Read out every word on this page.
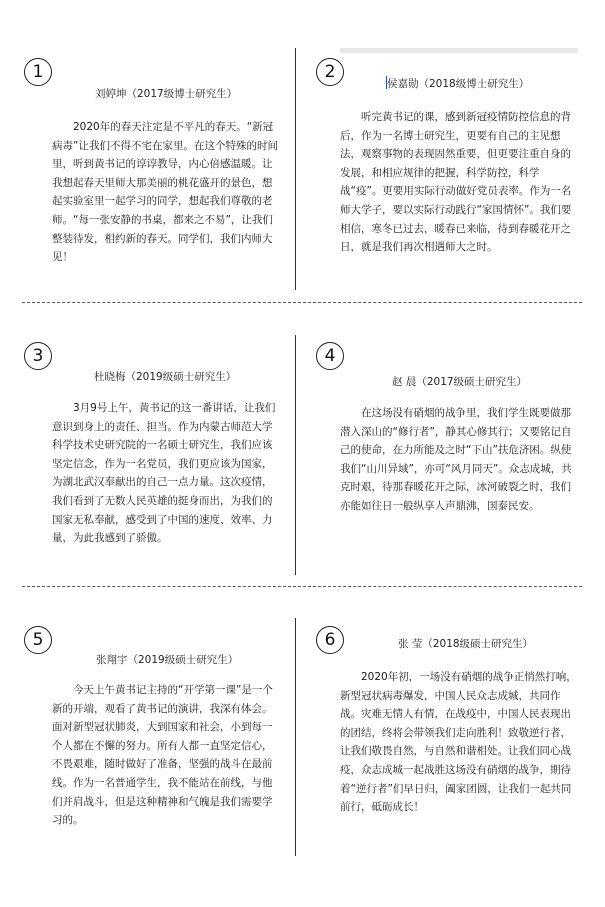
1
刘婷坤（2017级博士研究生）

2020年的春天注定是不平凡的春天。“新冠病毒”让我们不得不宅在家里。在这个特殊的时间里，听到黄书记的谆谆教导，内心倍感温暖。让我想起春天里师大那美丽的桃花盛开的景色，想起实验室里一起学习的同学，想起我们尊敬的老师。“每一张安静的书桌，都来之不易”，让我们整装待发，相约新的春天。同学们，我们内师大见！

2
侯嘉勋（2018级博士研究生）

听完黄书记的课，感到新冠疫情防控信息的背后，作为一名博士研究生，更要有自己的主见想法，观察事物的表现固然重要，但更要注重自身的发展，和相应规律的把握，科学防控，科学战“疫”。更要用实际行动做好党员表率。作为一名师大学子，要以实际行动践行“家国情怀”。我们要相信，寒冬已过去，暖春已来临，待到春暖花开之日，就是我们再次相遇师大之时。

3
杜晓梅（2019级硕士研究生）

3月9号上午，黄书记的这一番讲话，让我们意识到身上的责任、担当。作为内蒙古师范大学科学技术史研究院的一名硕士研究生，我们应该坚定信念，作为一名党员，我们更应该为国家，为湖北武汉奉献出的自己一点力量。这次疫情，我们看到了无数人民英雄的挺身而出，为我们的国家无私奉献，感受到了中国的速度、效率、力量，为此我感到了骄傲。

4
赵 晨（2017级硕士研究生）

在这场没有硝烟的战争里，我们学生既要做那潜入深山的“修行者”，静其心修其行；又要铭记自己的使命，在力所能及之时“下山”扶危济困。纵使我们“山川异域”，亦可“风月同天”。众志成城，共克时艰，待那春暖花开之际，冰河破裂之时，我们亦能如往日一般纵享人声鼎沸，国泰民安。

5
张翔宇（2019级硕士研究生）

今天上午黄书记主持的“开学第一课”是一个新的开端，观看了黄书记的演讲，我深有体会。面对新型冠状肺炎，大到国家和社会，小到每一个人都在不懈的努力。所有人都一直坚定信心，不畏艰难，随时做好了准备，坚强的战斗在最前线。作为一名普通学生，我不能站在前线，与他们并肩战斗，但是这种精神和气魄是我们需要学习的。

6	张 莹（2018级硕士研究生）

2020年初，一场没有硝烟的战争正悄然打响，新型冠状病毒爆发，中国人民众志成城，共同作战。灾难无情人有情，在战疫中，中国人民表现出的团结，终将会带领我们走向胜利！致敬逆行者，让我们敬畏自然，与自然和谐相处。让我们同心战疫，众志成城一起战胜这场没有硝烟的战争，期待着“逆行者”们早日归，阖家团圆，让我们一起共同前行，砥砺成长！
